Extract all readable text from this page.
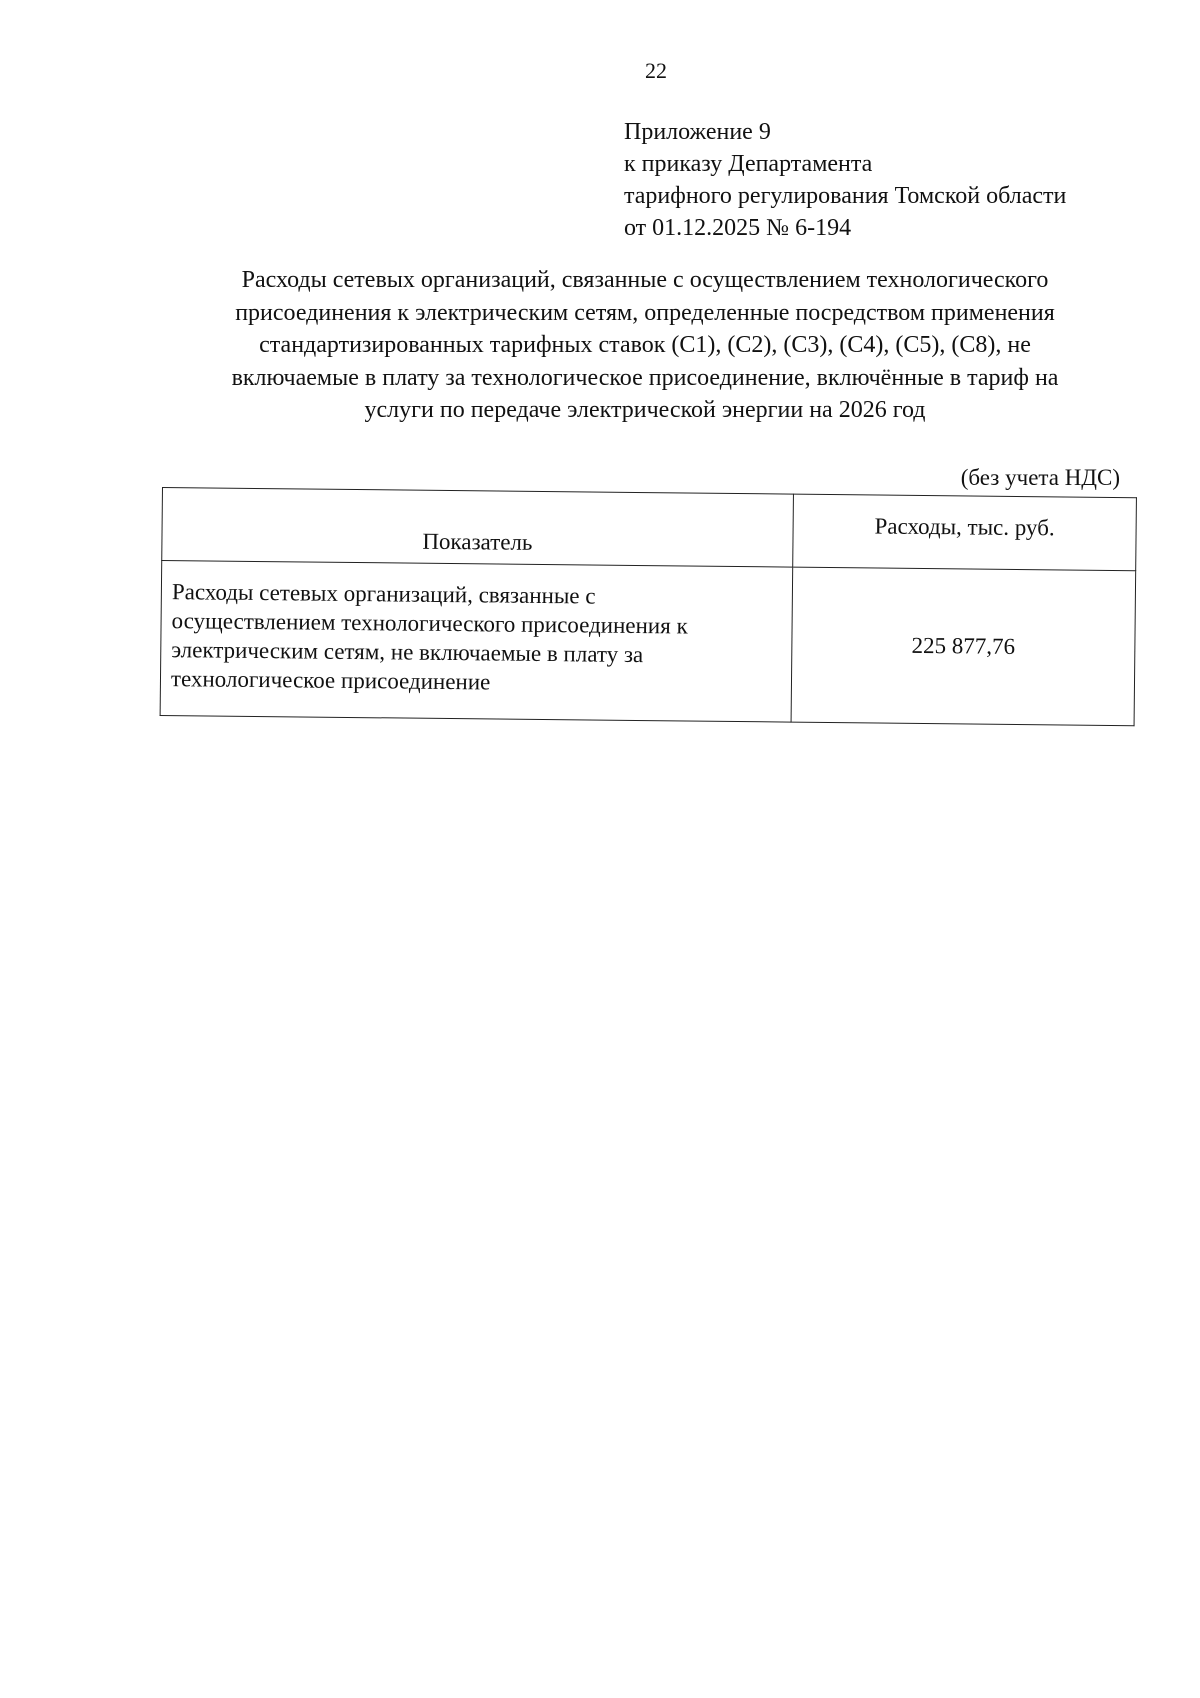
22
Приложение 9
к приказу Департамента
тарифного регулирования Томской области
от 01.12.2025 № 6-194
Расходы сетевых организаций, связанные с осуществлением технологического
присоединения к электрическим сетям, определенные посредством применения
стандартизированных тарифных ставок (С1), (С2), (С3), (С4), (С5), (С8), не
включаемые в плату за технологическое присоединение, включённые в тариф на
услуги по передаче электрической энергии на 2026 год
(без учета НДС)
Показатель	Расходы, тыс. руб.

Расходы сетевых организаций, связанные с
осуществлением технологического присоединения к
электрическим сетям, не включаемые в плату за
технологическое присоединение	225 877,76
